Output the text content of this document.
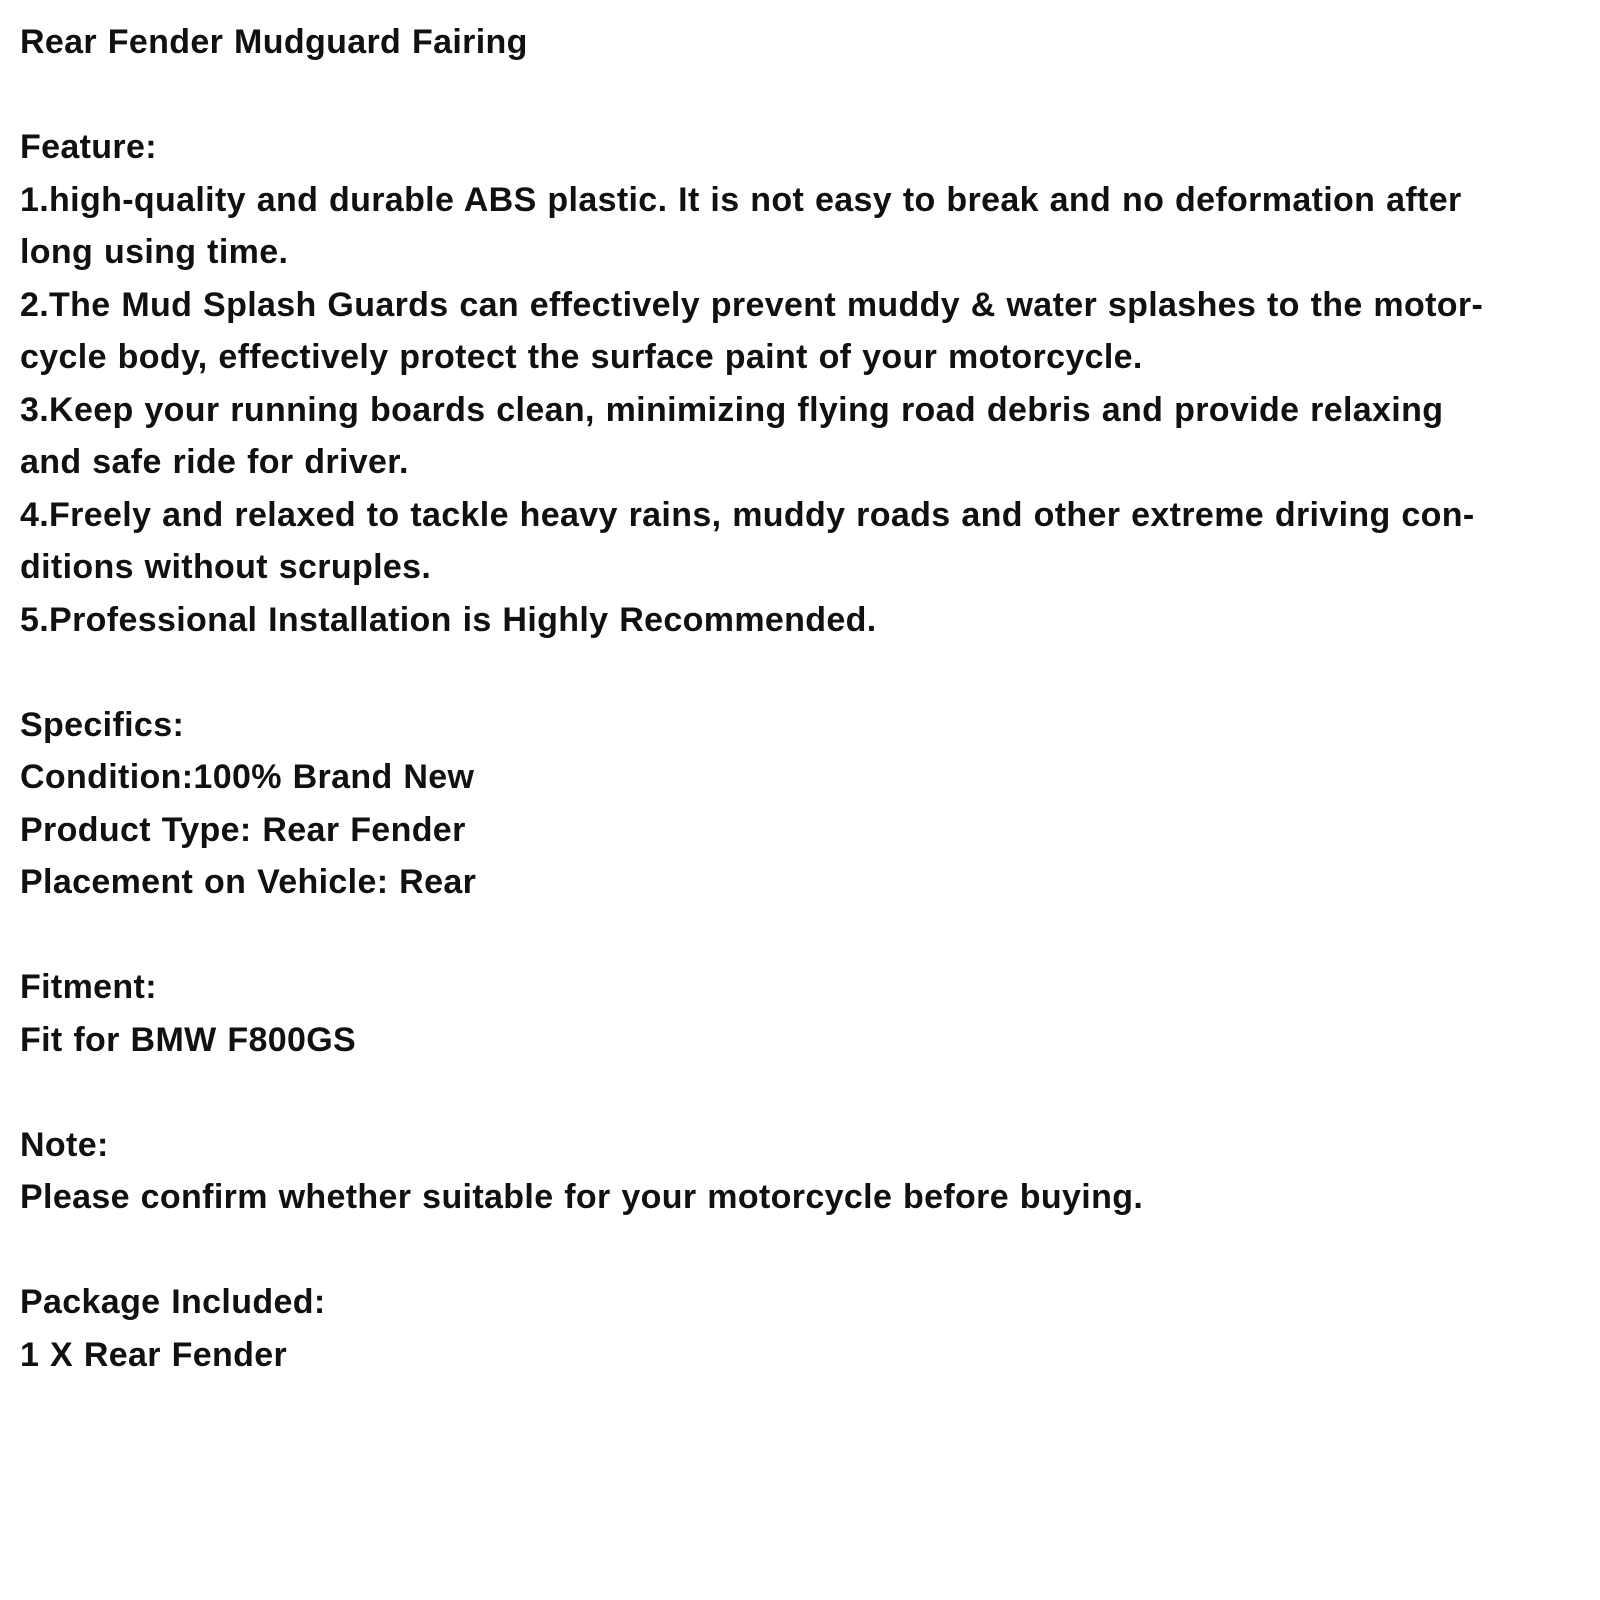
Rear Fender Mudguard Fairing
Feature:
1.high-quality and durable ABS plastic. It is not easy to break and no deformation after
long using time.
2.The Mud Splash Guards can effectively prevent muddy & water splashes to the motor-
cycle body, effectively protect the surface paint of your motorcycle.
3.Keep your running boards clean, minimizing flying road debris and provide relaxing
and safe ride for driver.
4.Freely and relaxed to tackle heavy rains, muddy roads and other extreme driving con-
ditions without scruples.
5.Professional Installation is Highly Recommended.
Specifics:
Condition:100% Brand New
Product Type: Rear Fender
Placement on Vehicle: Rear
Fitment:
Fit for BMW F800GS
Note:
Please confirm whether suitable for your motorcycle before buying.
Package Included:
1 X Rear Fender
